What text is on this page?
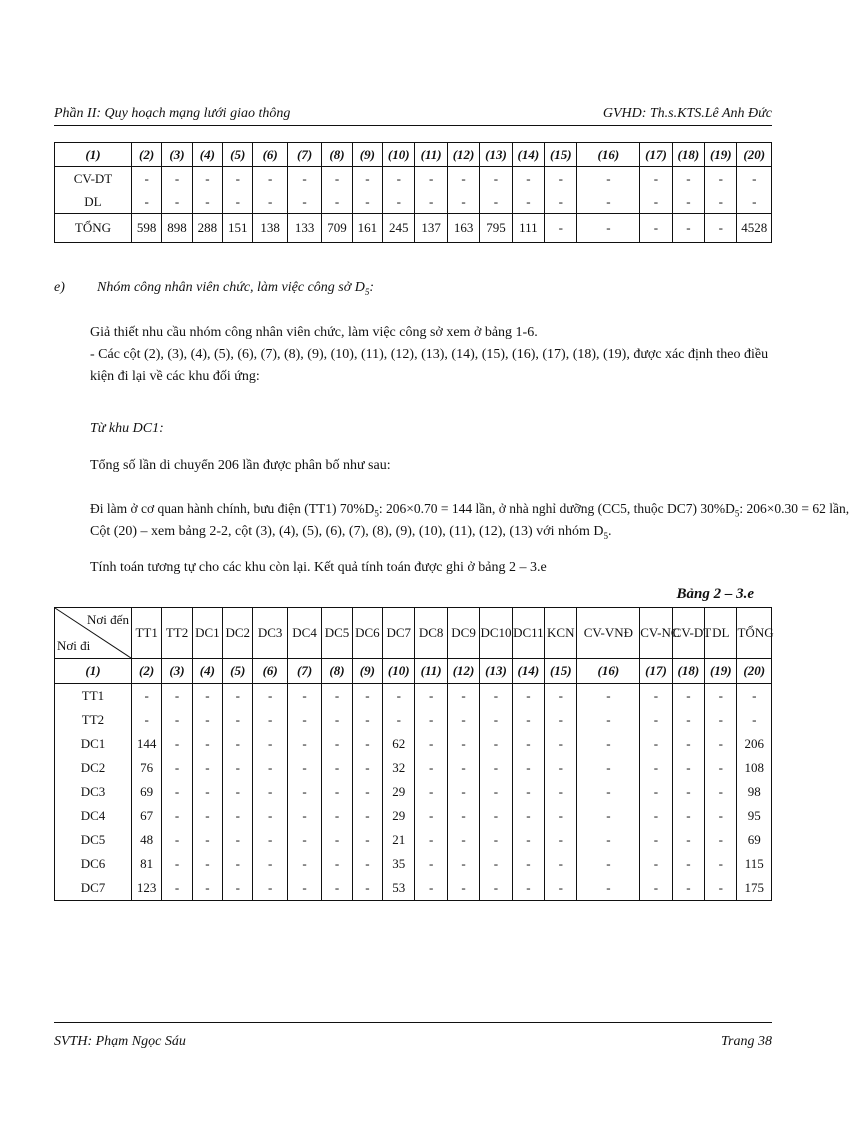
Phần II: Quy hoạch mạng lưới giao thông	GVHD: Th.s.KTS.Lê Anh Đức
(1)	(2)	(3)	(4)	(5)	(6)	(7)	(8)	(9)	(10)	(11)	(12)	(13)	(14)	(15)	(16)	(17)	(18)	(19)	(20)
CV-DT	-	-	-	-	-	-	-	-	-	-	-	-	-	-	-	-	-	-	-
DL	-	-	-	-	-	-	-	-	-	-	-	-	-	-	-	-	-	-	-
TỔNG	598	898	288	151	138	133	709	161	245	137	163	795	111	-	-	-	-	-	4528
e) Nhóm công nhân viên chức, làm việc công sở $D_5$:
Giả thiết nhu cầu nhóm công nhân viên chức, làm việc công sở xem ở bảng 1-6.
- Các cột (2), (3), (4), (5), (6), (7), (8), (9), (10), (11), (12), (13), (14), (15), (16), (17), (18), (19), được xác định theo điều kiện đi lại về các khu đối ứng:
Từ khu DC1:
Tổng số lần di chuyển 206 lần được phân bố như sau:
Đi làm ở cơ quan hành chính, bưu điện (TT1) $70\%D_5$: 206×0.70 = 144 lần, ở nhà nghỉ dưỡng (CC5, thuộc DC7) $30\%D_5$: 206×0.30 = 62 lần,
Cột (20) – xem bảng 2-2, cột (3), (4), (5), (6), (7), (8), (9), (10), (11), (12), (13) với nhóm $D_5$.
Tính toán tương tự cho các khu còn lại. Kết quả tính toán được ghi ở bảng 2 – 3.e
Bảng 2 – 3.e
Nơi đến
Nơi đi	TT1	TT2	DC1	DC2	DC3	DC4	DC5	DC6	DC7	DC8	DC9	DC10	DC11	KCN	CV-VNĐ	CV-NC	CV-DT	DL	TỔNG
(1)	(2)	(3)	(4)	(5)	(6)	(7)	(8)	(9)	(10)	(11)	(12)	(13)	(14)	(15)	(16)	(17)	(18)	(19)	(20)
TT1	-	-	-	-	-	-	-	-	-	-	-	-	-	-	-	-	-	-	-
TT2	-	-	-	-	-	-	-	-	-	-	-	-	-	-	-	-	-	-	-
DC1	144	-	-	-	-	-	-	-	62	-	-	-	-	-	-	-	-	-	206
DC2	76	-	-	-	-	-	-	-	32	-	-	-	-	-	-	-	-	-	108
DC3	69	-	-	-	-	-	-	-	29	-	-	-	-	-	-	-	-	-	98
DC4	67	-	-	-	-	-	-	-	29	-	-	-	-	-	-	-	-	-	95
DC5	48	-	-	-	-	-	-	-	21	-	-	-	-	-	-	-	-	-	69
DC6	81	-	-	-	-	-	-	-	35	-	-	-	-	-	-	-	-	-	115
DC7	123	-	-	-	-	-	-	-	53	-	-	-	-	-	-	-	-	-	175
SVTH: Phạm Ngọc Sáu	Trang 38
